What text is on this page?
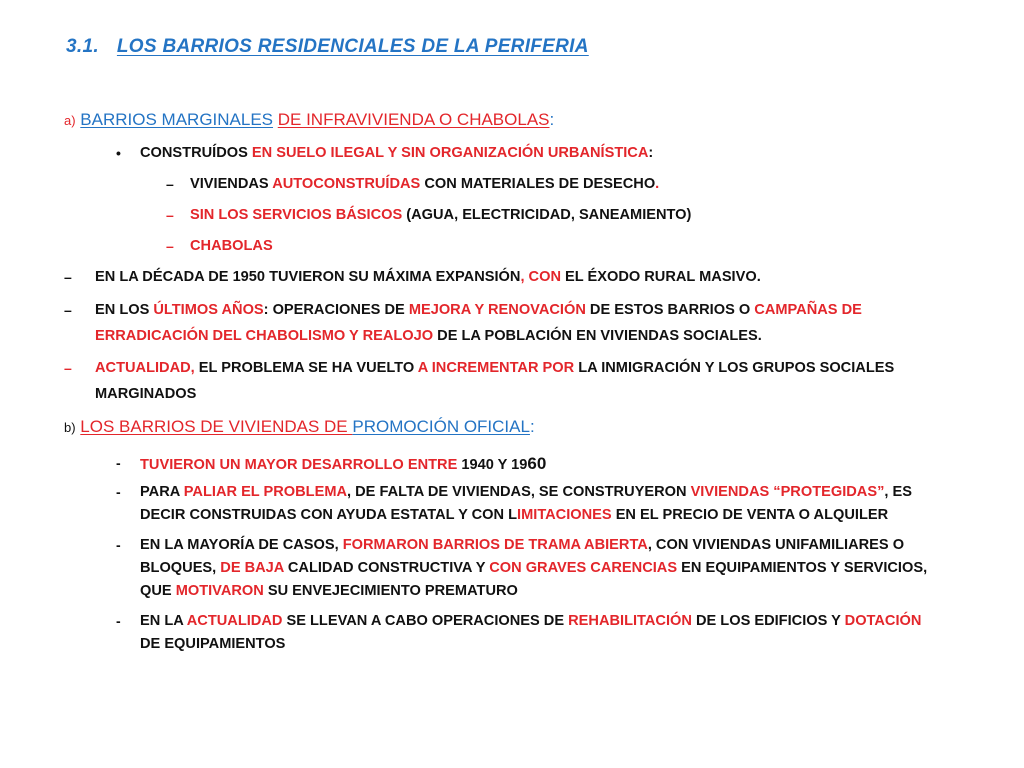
3.1. LOS BARRIOS RESIDENCIALES DE LA PERIFERIA
a) BARRIOS MARGINALES DE INFRAVIVIENDA O CHABOLAS:
• CONSTRUÍDOS EN SUELO ILEGAL Y SIN ORGANIZACIÓN URBANÍSTICA:
– VIVIENDAS AUTOCONSTRUÍDAS CON MATERIALES DE DESECHO.
– SIN LOS SERVICIOS BÁSICOS (AGUA, ELECTRICIDAD, SANEAMIENTO)
– CHABOLAS
– EN LA DÉCADA DE 1950 TUVIERON SU MÁXIMA EXPANSIÓN, CON EL ÉXODO RURAL MASIVO.
– EN LOS ÚLTIMOS AÑOS: OPERACIONES DE MEJORA Y RENOVACIÓN DE ESTOS BARRIOS O CAMPAÑAS DE
ERRADICACIÓN DEL CHABOLISMO Y REALOJO DE LA POBLACIÓN EN VIVIENDAS SOCIALES.
– ACTUALIDAD, EL PROBLEMA SE HA VUELTO A INCREMENTAR POR LA INMIGRACIÓN Y LOS GRUPOS SOCIALES
MARGINADOS
b) LOS BARRIOS DE VIVIENDAS DE PROMOCIÓN OFICIAL:
- TUVIERON UN MAYOR DESARROLLO ENTRE 1940 Y 1960
- PARA PALIAR EL PROBLEMA, DE FALTA DE VIVIENDAS, SE CONSTRUYERON VIVIENDAS “PROTEGIDAS”, ES
DECIR CONSTRUIDAS CON AYUDA ESTATAL Y CON LIMITACIONES EN EL PRECIO DE VENTA O ALQUILER
- EN LA MAYORÍA DE CASOS, FORMARON BARRIOS DE TRAMA ABIERTA, CON VIVIENDAS UNIFAMILIARES O
BLOQUES, DE BAJA CALIDAD CONSTRUCTIVA Y CON GRAVES CARENCIAS EN EQUIPAMIENTOS Y SERVICIOS,
QUE MOTIVARON SU ENVEJECIMIENTO PREMATURO
- EN LA ACTUALIDAD SE LLEVAN A CABO OPERACIONES DE REHABILITACIÓN DE LOS EDIFICIOS Y DOTACIÓN
DE EQUIPAMIENTOS
